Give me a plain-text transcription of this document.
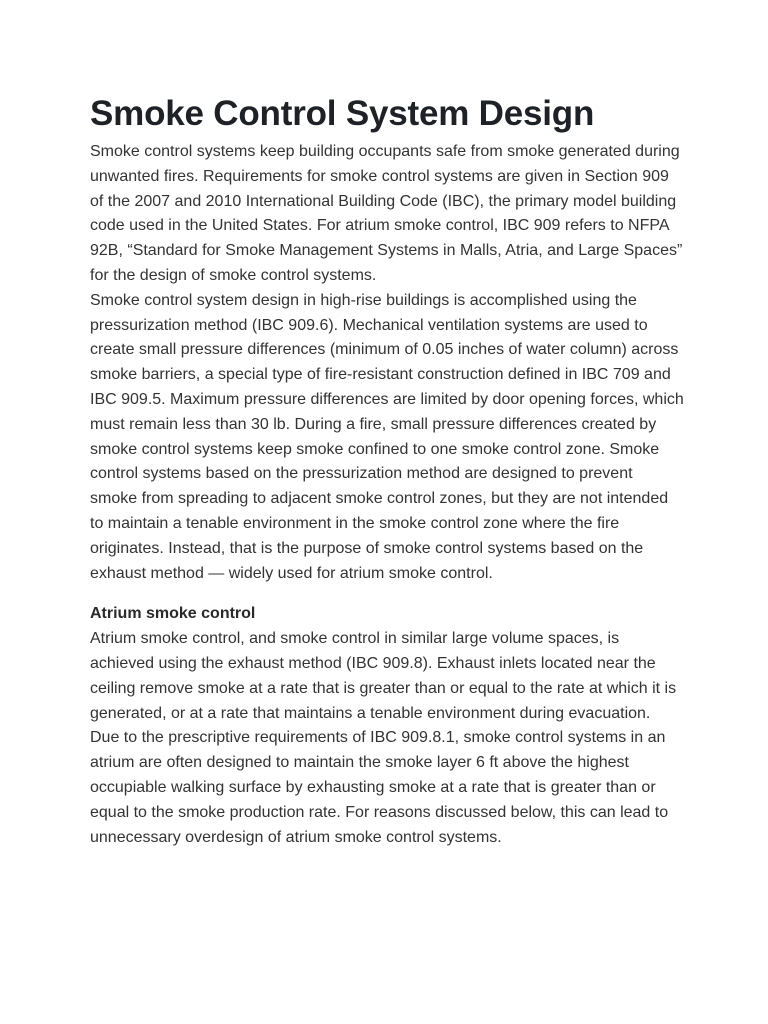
Smoke Control System Design

Smoke control systems keep building occupants safe from smoke generated during unwanted fires. Requirements for smoke control systems are given in Section 909 of the 2007 and 2010 International Building Code (IBC), the primary model building code used in the United States. For atrium smoke control, IBC 909 refers to NFPA 92B, “Standard for Smoke Management Systems in Malls, Atria, and Large Spaces” for the design of smoke control systems.

Smoke control system design in high-rise buildings is accomplished using the pressurization method (IBC 909.6). Mechanical ventilation systems are used to create small pressure differences (minimum of 0.05 inches of water column) across smoke barriers, a special type of fire-resistant construction defined in IBC 709 and IBC 909.5. Maximum pressure differences are limited by door opening forces, which must remain less than 30 lb. During a fire, small pressure differences created by smoke control systems keep smoke confined to one smoke control zone. Smoke control systems based on the pressurization method are designed to prevent smoke from spreading to adjacent smoke control zones, but they are not intended to maintain a tenable environment in the smoke control zone where the fire originates. Instead, that is the purpose of smoke control systems based on the exhaust method — widely used for atrium smoke control.

Atrium smoke control

Atrium smoke control, and smoke control in similar large volume spaces, is achieved using the exhaust method (IBC 909.8). Exhaust inlets located near the ceiling remove smoke at a rate that is greater than or equal to the rate at which it is generated, or at a rate that maintains a tenable environment during evacuation. Due to the prescriptive requirements of IBC 909.8.1, smoke control systems in an atrium are often designed to maintain the smoke layer 6 ft above the highest occupiable walking surface by exhausting smoke at a rate that is greater than or equal to the smoke production rate. For reasons discussed below, this can lead to unnecessary overdesign of atrium smoke control systems.
